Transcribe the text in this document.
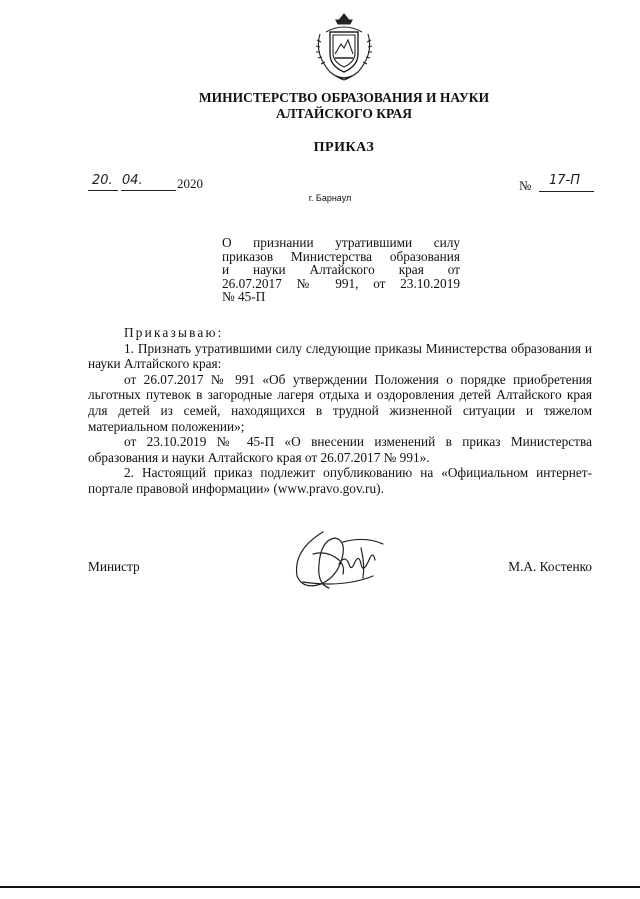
МИНИСТЕРСТВО ОБРАЗОВАНИЯ И НАУКИ
АЛТАЙСКОГО КРАЯ
ПРИКАЗ
20. 04.	2020	№ 17-П
г. Барнаул
О признании утратившими силу
приказов Министерства образования
и науки Алтайского края от
26.07.2017 № 991, от 23.10.2019
№ 45-П

Приказываю:

1. Признать утратившими силу следующие приказы Министерства образования и науки Алтайского края:

от 26.07.2017 № 991 «Об утверждении Положения о порядке приобретения льготных путевок в загородные лагеря отдыха и оздоровления детей Алтайского края для детей из семей, находящихся в трудной жизненной ситуации и тяжелом материальном положении»;

от 23.10.2019 № 45-П «О внесении изменений в приказ Министерства образования и науки Алтайского края от 26.07.2017 № 991».

2. Настоящий приказ подлежит опубликованию на «Официальном интернет-портале правовой информации» (www.pravo.gov.ru).

Министр	М.А. Костенко
